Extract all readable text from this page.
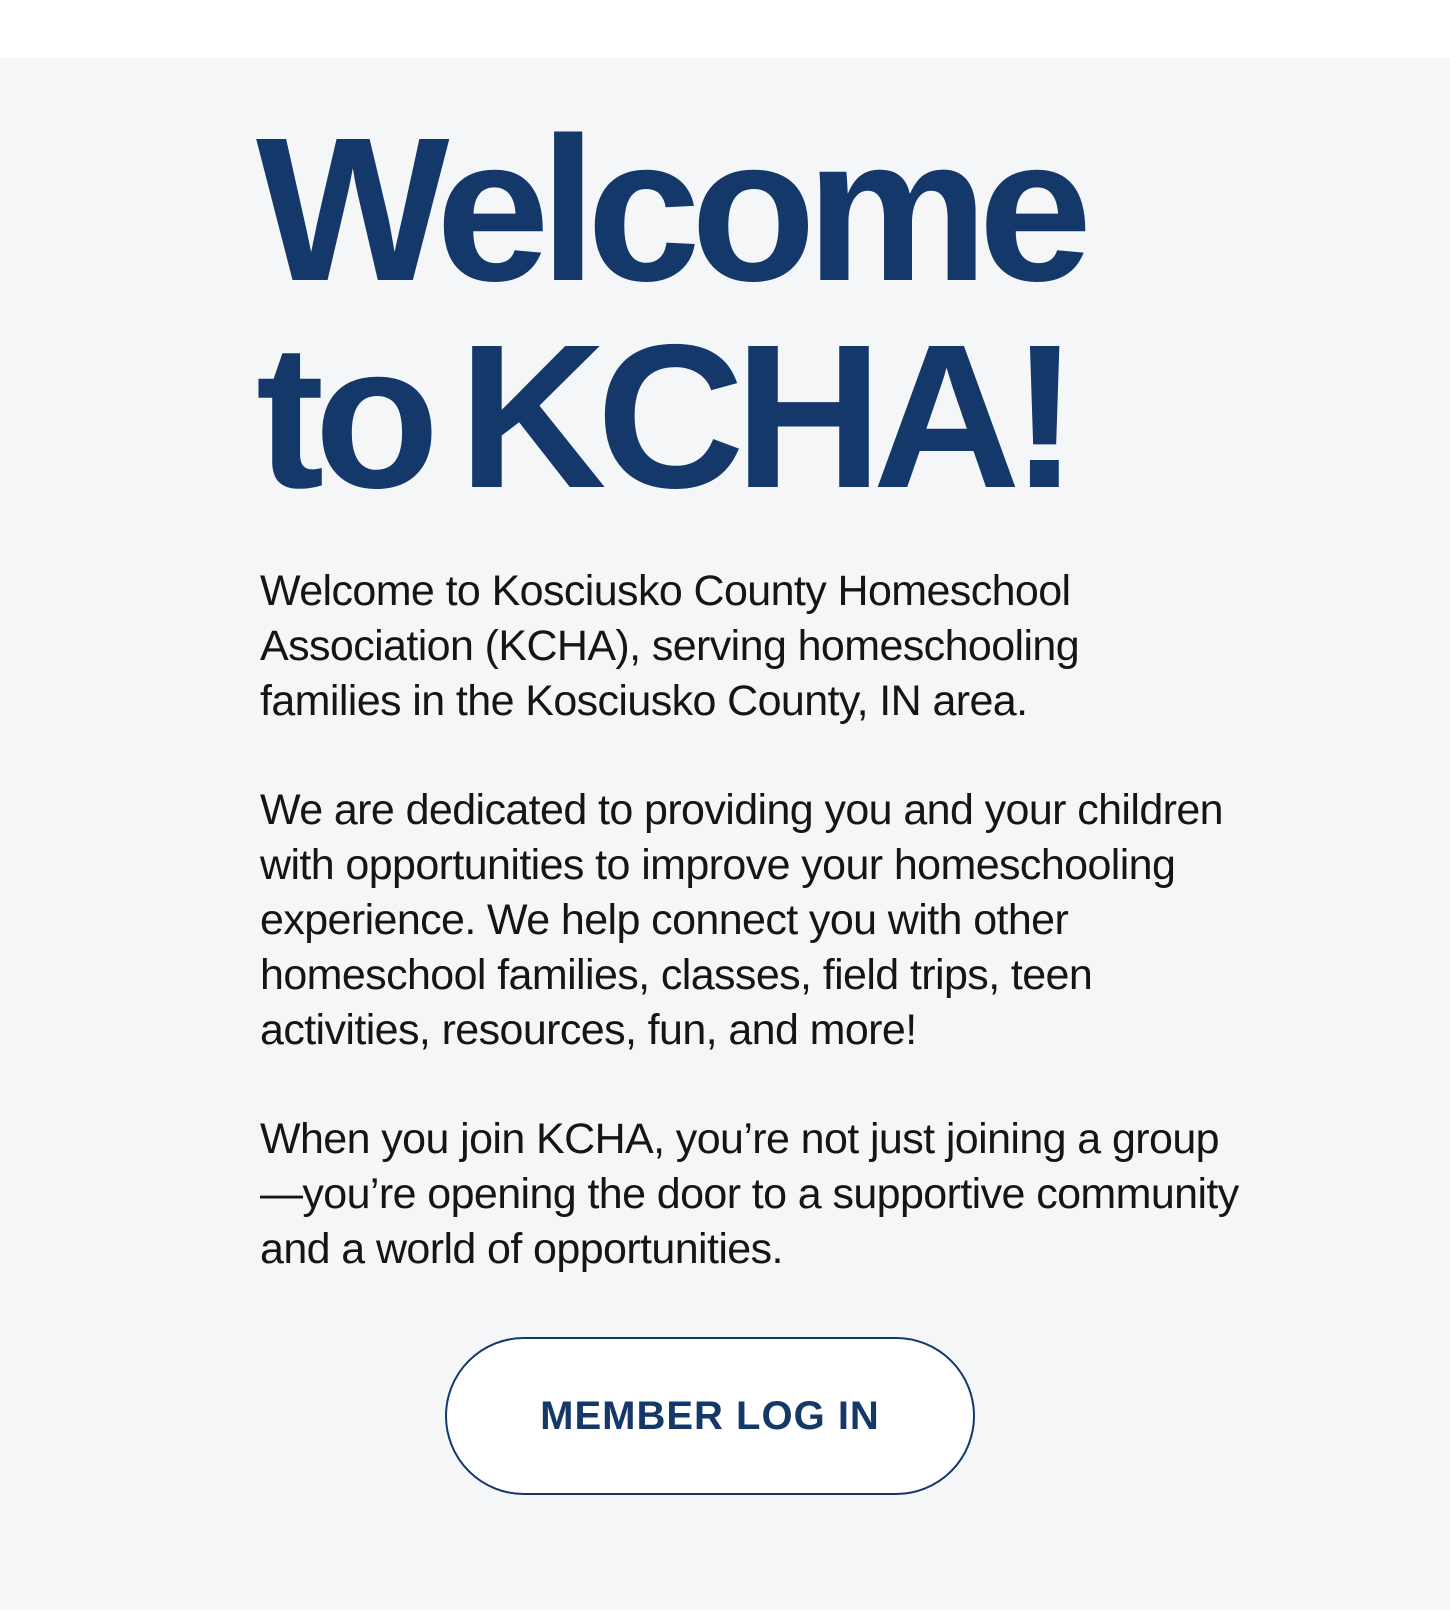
Welcome
to KCHA!

Welcome to Kosciusko County Homeschool Association (KCHA), serving homeschooling families in the Kosciusko County, IN area.

We are dedicated to providing you and your children with opportunities to improve your homeschooling experience. We help connect you with other homeschool families, classes, field trips, teen activities, resources, fun, and more!

When you join KCHA, you’re not just joining a group—you’re opening the door to a supportive community and a world of opportunities.

MEMBER LOG IN
